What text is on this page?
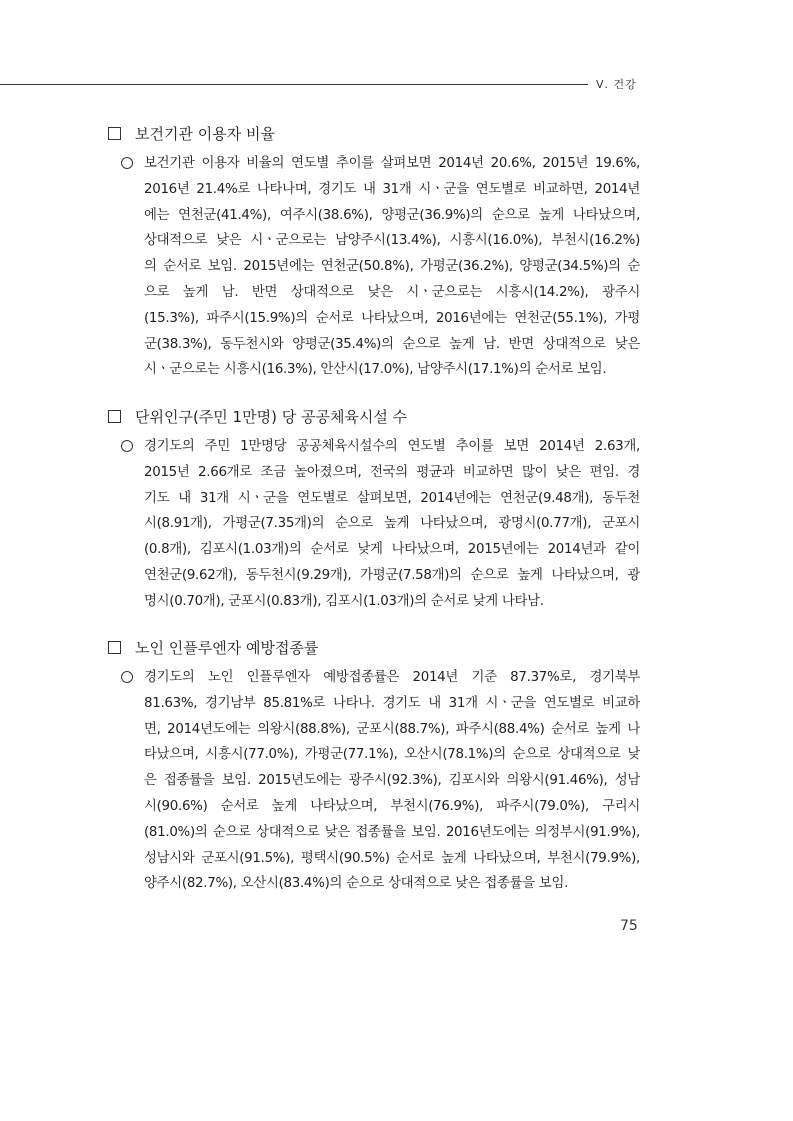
Ⅴ. 건강
보건기관 이용자 비율
보건기관 이용자 비율의 연도별 추이를 살펴보면 2014년 20.6%, 2015년 19.6%,
2016년 21.4%로 나타나며, 경기도 내 31개 시ㆍ군을 연도별로 비교하면, 2014년
에는 연천군(41.4%), 여주시(38.6%), 양평군(36.9%)의 순으로 높게 나타났으며,
상대적으로 낮은 시ㆍ군으로는 남양주시(13.4%), 시흥시(16.0%), 부천시(16.2%)
의 순서로 보임. 2015년에는 연천군(50.8%), 가평군(36.2%), 양평군(34.5%)의 순
으로 높게 남. 반면 상대적으로 낮은 시ㆍ군으로는 시흥시(14.2%), 광주시
(15.3%), 파주시(15.9%)의 순서로 나타났으며, 2016년에는 연천군(55.1%), 가평
군(38.3%), 동두천시와 양평군(35.4%)의 순으로 높게 남. 반면 상대적으로 낮은
시ㆍ군으로는 시흥시(16.3%), 안산시(17.0%), 남양주시(17.1%)의 순서로 보임.
단위인구(주민 1만명) 당 공공체육시설 수
경기도의 주민 1만명당 공공체육시설수의 연도별 추이를 보면 2014년 2.63개,
2015년 2.66개로 조금 높아졌으며, 전국의 평균과 비교하면 많이 낮은 편임. 경
기도 내 31개 시ㆍ군을 연도별로 살펴보면, 2014년에는 연천군(9.48개), 동두천
시(8.91개), 가평군(7.35개)의 순으로 높게 나타났으며, 광명시(0.77개), 군포시
(0.8개), 김포시(1.03개)의 순서로 낮게 나타났으며, 2015년에는 2014년과 같이
연천군(9.62개), 동두천시(9.29개), 가평군(7.58개)의 순으로 높게 나타났으며, 광
명시(0.70개), 군포시(0.83개), 김포시(1.03개)의 순서로 낮게 나타남.
노인 인플루엔자 예방접종률
경기도의 노인 인플루엔자 예방접종률은 2014년 기준 87.37%로, 경기북부
81.63%, 경기남부 85.81%로 나타나. 경기도 내 31개 시ㆍ군을 연도별로 비교하
면, 2014년도에는 의왕시(88.8%), 군포시(88.7%), 파주시(88.4%) 순서로 높게 나
타났으며, 시흥시(77.0%), 가평군(77.1%), 오산시(78.1%)의 순으로 상대적으로 낮
은 접종률을 보임. 2015년도에는 광주시(92.3%), 김포시와 의왕시(91.46%), 성남
시(90.6%) 순서로 높게 나타났으며, 부천시(76.9%), 파주시(79.0%), 구리시
(81.0%)의 순으로 상대적으로 낮은 접종률을 보임. 2016년도에는 의정부시(91.9%),
성남시와 군포시(91.5%), 평택시(90.5%) 순서로 높게 나타났으며, 부천시(79.9%),
양주시(82.7%), 오산시(83.4%)의 순으로 상대적으로 낮은 접종률을 보임.
75
